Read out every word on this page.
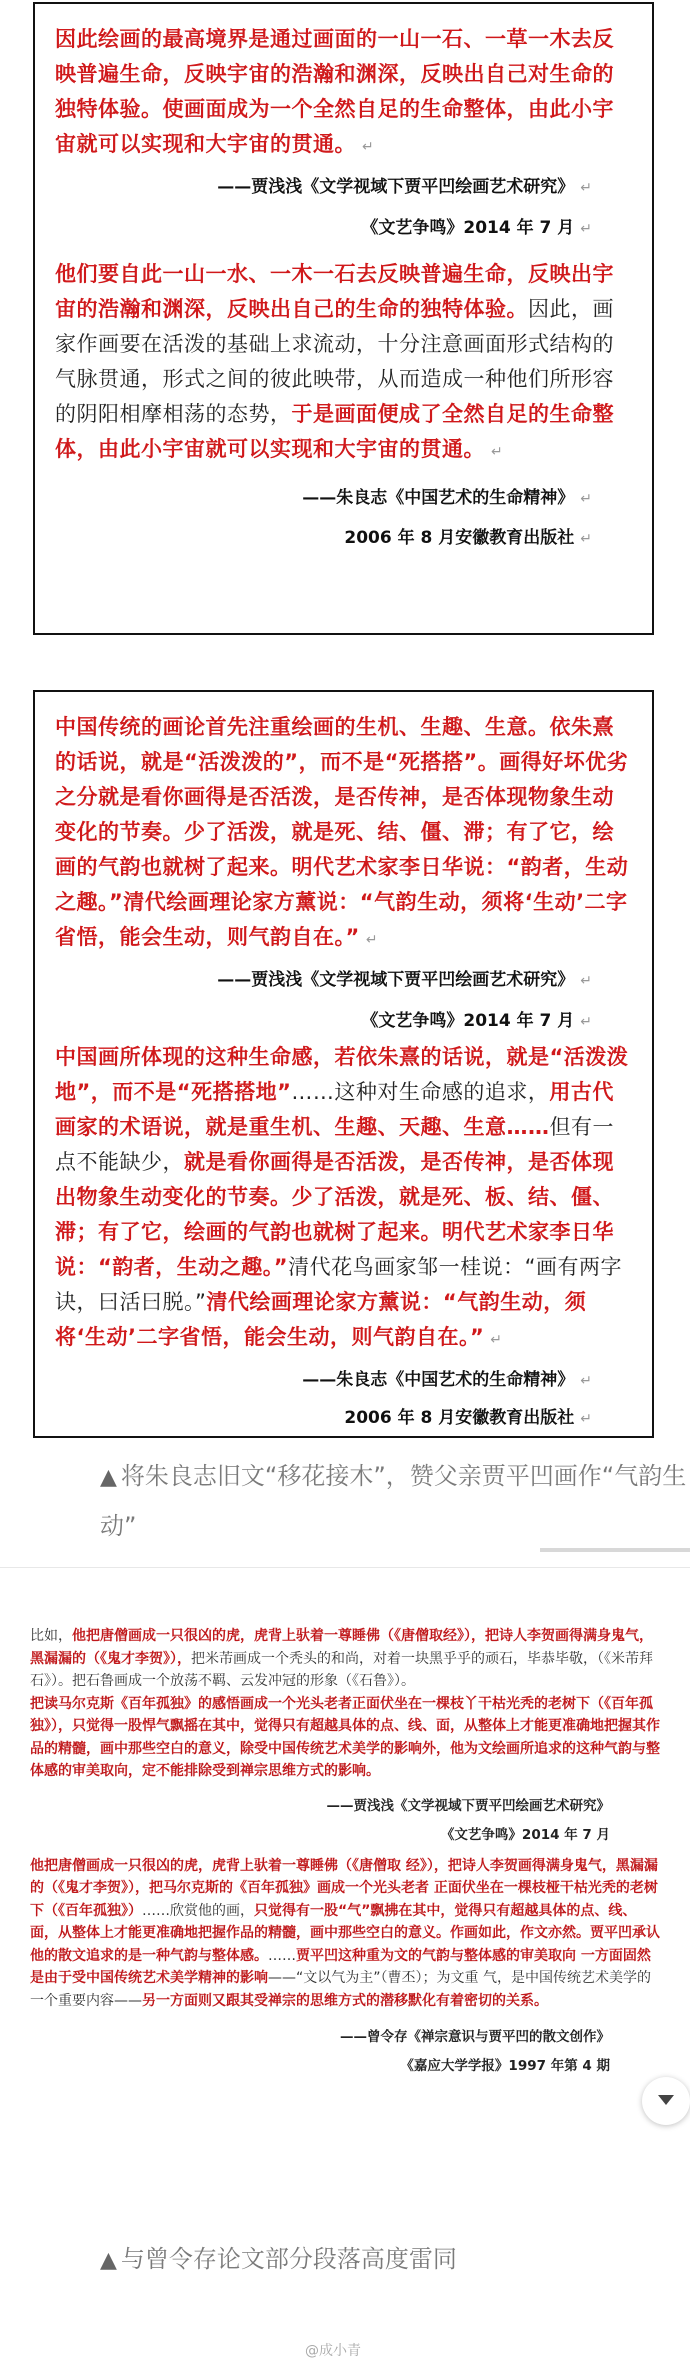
因此绘画的最高境界是通过画面的一山一石、一草一木去反映普遍生命，反映宇宙的浩瀚和渊深，反映出自己对生命的独特体验。使画面成为一个全然自足的生命整体，由此小宇宙就可以实现和大宇宙的贯通。 ↵

——贾浅浅《文学视域下贾平凹绘画艺术研究》 ↵
《文艺争鸣》2014 年 7 月 ↵

他们要自此一山一水、一木一石去反映普遍生命，反映出宇宙的浩瀚和渊深，反映出自己的生命的独特体验。因此，画家作画要在活泼的基础上求流动，十分注意画面形式结构的气脉贯通，形式之间的彼此映带，从而造成一种他们所形容的阴阳相摩相荡的态势，于是画面便成了全然自足的生命整体，由此小宇宙就可以实现和大宇宙的贯通。 ↵

——朱良志《中国艺术的生命精神》 ↵
2006 年 8 月安徽教育出版社 ↵

中国传统的画论首先注重绘画的生机、生趣、生意。依朱熹的话说，就是“活泼泼的”，而不是“死搭搭”。画得好坏优劣之分就是看你画得是否活泼，是否传神，是否体现物象生动变化的节奏。少了活泼，就是死、结、僵、滞；有了它，绘画的气韵也就树了起来。明代艺术家李日华说：“韵者，生动之趣。”清代绘画理论家方薰说：“气韵生动，须将‘生动’二字省悟，能会生动，则气韵自在。” ↵

——贾浅浅《文学视域下贾平凹绘画艺术研究》 ↵
《文艺争鸣》2014 年 7 月 ↵

中国画所体现的这种生命感，若依朱熹的话说，就是“活泼泼地”，而不是“死搭搭地”……这种对生命感的追求，用古代画家的术语说，就是重生机、生趣、天趣、生意……但有一点不能缺少，就是看你画得是否活泼，是否传神，是否体现出物象生动变化的节奏。少了活泼，就是死、板、结、僵、滞；有了它，绘画的气韵也就树了起来。明代艺术家李日华说：“韵者，生动之趣。”清代花鸟画家邹一桂说：“画有两字诀，曰活曰脱。”清代绘画理论家方薰说：“气韵生动，须将‘生动’二字省悟，能会生动，则气韵自在。” ↵

——朱良志《中国艺术的生命精神》 ↵
2006 年 8 月安徽教育出版社 ↵
▲ 将朱良志旧文“移花接木”，赞父亲贾平凹画作“气韵生动”

比如，他把唐僧画成一只很凶的虎，虎背上驮着一尊睡佛（《唐僧取经》），把诗人李贺画得满身鬼气，黑漏漏的（《鬼才李贺》），把米芾画成一个秃头的和尚，对着一块黑乎乎的顽石，毕恭毕敬，（《米芾拜石》）。把石鲁画成一个放荡不羁、云发冲冠的形象（《石鲁》）。

把读马尔克斯《百年孤独》的感悟画成一个光头老者正面伏坐在一棵枝丫干枯光秃的老树下（《百年孤独》），只觉得一股悍气飘摇在其中，觉得只有超越具体的点、线、面，从整体上才能更准确地把握其作品的精髓，画中那些空白的意义，除受中国传统艺术美学的影响外，他为文绘画所追求的这种气韵与整体感的审美取向，定不能排除受到禅宗思维方式的影响。

——贾浅浅《文学视域下贾平凹绘画艺术研究》
《文艺争鸣》2014 年 7 月

他把唐僧画成一只很凶的虎，虎背上驮着一尊睡佛（《唐僧取 经》），把诗人李贺画得满身鬼气，黑漏漏的（《鬼才李贺》），把马尔克斯的《百年孤独》画成一个光头老者 正面伏坐在一棵枝桠干枯光秃的老树下（《百年孤独》）……欣赏他的画，只觉得有一股“气”飘拂在其中，觉得只有超越具体的点、线、面，从整体上才能更准确地把握作品的精髓，画中那些空白的意义。作画如此，作文亦然。贾平凹承认他的散文追求的是一种气韵与整体感。……贾平凹这种重为文的气韵与整体感的审美取向 一方面固然是由于受中国传统艺术美学精神的影响——“文以气为主”（曹丕）；为文重 气，是中国传统艺术美学的一个重要内容——另一方面则又跟其受禅宗的思维方式的潜移默化有着密切的关系。

——曾令存《禅宗意识与贾平凹的散文创作》
《嘉应大学学报》1997 年第 4 期
▲ 与曾令存论文部分段落高度雷同
@成小青
